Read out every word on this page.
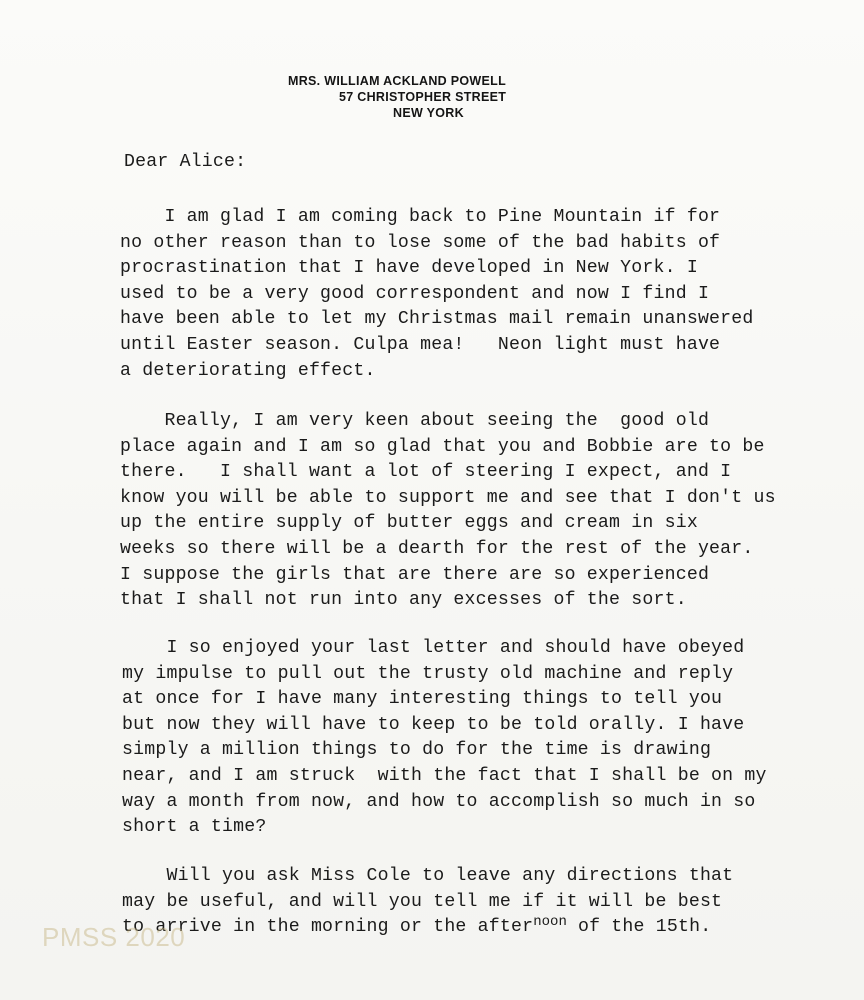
MRS. WILLIAM ACKLAND POWELL
57 CHRISTOPHER STREET
NEW YORK
Dear Alice:
I am glad I am coming back to Pine Mountain if for
no other reason than to lose some of the bad habits of
procrastination that I have developed in New York. I
used to be a very good correspondent and now I find I
have been able to let my Christmas mail remain unanswered
until Easter season. Culpa mea!   Neon light must have
a deteriorating effect.
Really, I am very keen about seeing the  good old
place again and I am so glad that you and Bobbie are to be
there.   I shall want a lot of steering I expect, and I
know you will be able to support me and see that I don't us
up the entire supply of butter eggs and cream in six
weeks so there will be a dearth for the rest of the year.
I suppose the girls that are there are so experienced
that I shall not run into any excesses of the sort.
I so enjoyed your last letter and should have obeyed
my impulse to pull out the trusty old machine and reply
at once for I have many interesting things to tell you
but now they will have to keep to be told orally. I have
simply a million things to do for the time is drawing
near, and I am struck  with the fact that I shall be on my
way a month from now, and how to accomplish so much in so
short a time?
Will you ask Miss Cole to leave any directions that
may be useful, and will you tell me if it will be best
to arrive in the morning or the after$^{noon}$ of the 15th.
PMSS 2020
